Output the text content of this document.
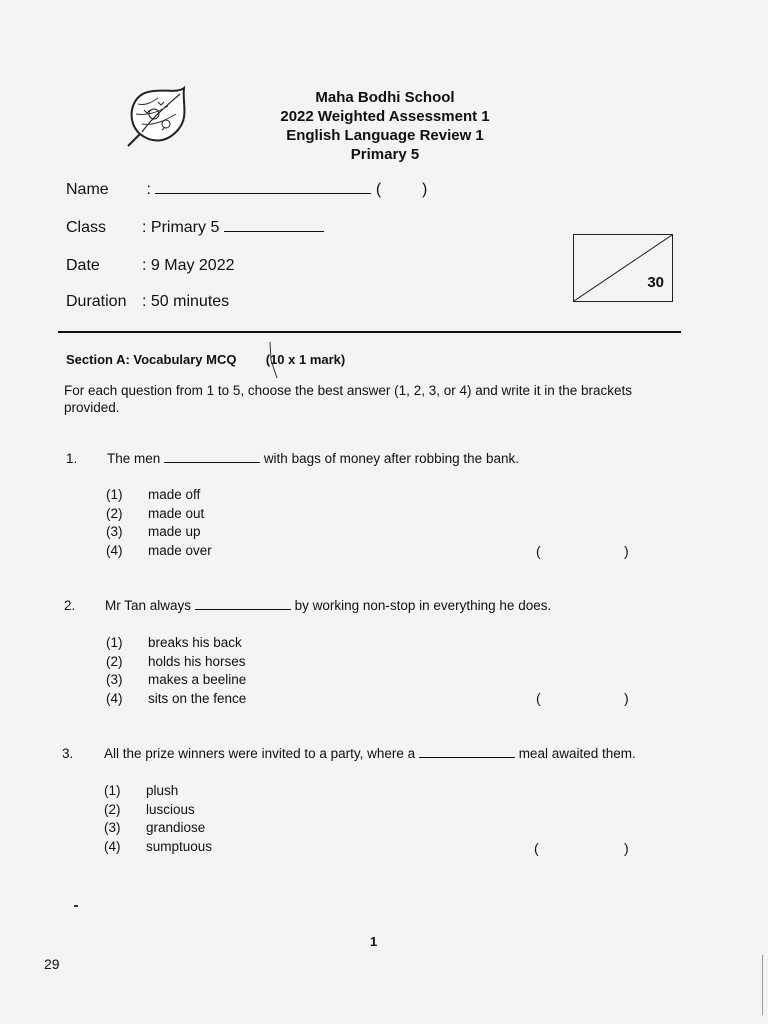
Maha Bodhi School
2022 Weighted Assessment 1
English Language Review 1
Primary 5
Name :	(	)
Class : Primary 5
Date	: 9 May 2022
Duration : 50 minutes
30
Section A: Vocabulary MCQ (10 x 1 mark)
For each question from 1 to 5, choose the best answer (1, 2, 3, or 4) and write it in the brackets provided.
1. The men	with bags of money after robbing the bank.
(1) made off
(2) made out
(3) made up
(4) made over	(	)
2. Mr Tan always	by working non-stop in everything he does.
(1) breaks his back
(2) holds his horses
(3) makes a beeline
(4) sits on the fence	(	)
3. All the prize winners were invited to a party, where a	meal awaited them.
(1) plush
(2) luscious
(3) grandiose
(4) sumptuous	(	)
1
29
